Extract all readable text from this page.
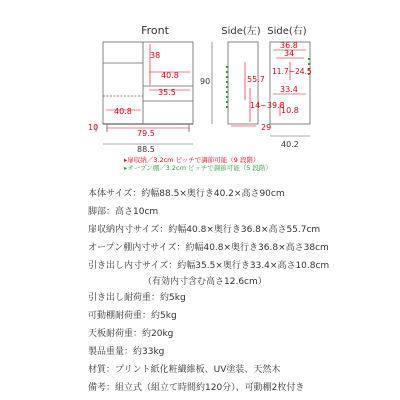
Front	Side(左) Side(右)
38
40.8
35.5
40.8
79.5
88.5
10
90	55.7
14~39.8
29
36.8
34
11.7~24.5
33.4
10.8
40.2
▸扉収納／3.2cm ピッチで調節可能（9 段階）
▸オープン棚／3.2cm ピッチで調節可能（5 段階）
本体サイズ：約幅88.5×奥行き40.2×高さ90cm
脚部：高さ10cm
扉収納内寸サイズ：約幅40.8×奥行き36.8×高さ55.7cm
オープン棚内寸サイズ：約幅40.8×奥行き36.8×高さ38cm
引き出し内寸サイズ：約幅35.5×奥行き33.4×高さ10.8cm
（有効内寸含む高さ12.6cm）
引き出し耐荷重：約5kg
可動棚耐荷重：約5kg
天板耐荷重：約20kg
製品重量：約33kg
材質：プリント紙化粧繊維板、UV塗装、天然木
備考：組立式（組立て時間約120分）、可動棚2枚付き
